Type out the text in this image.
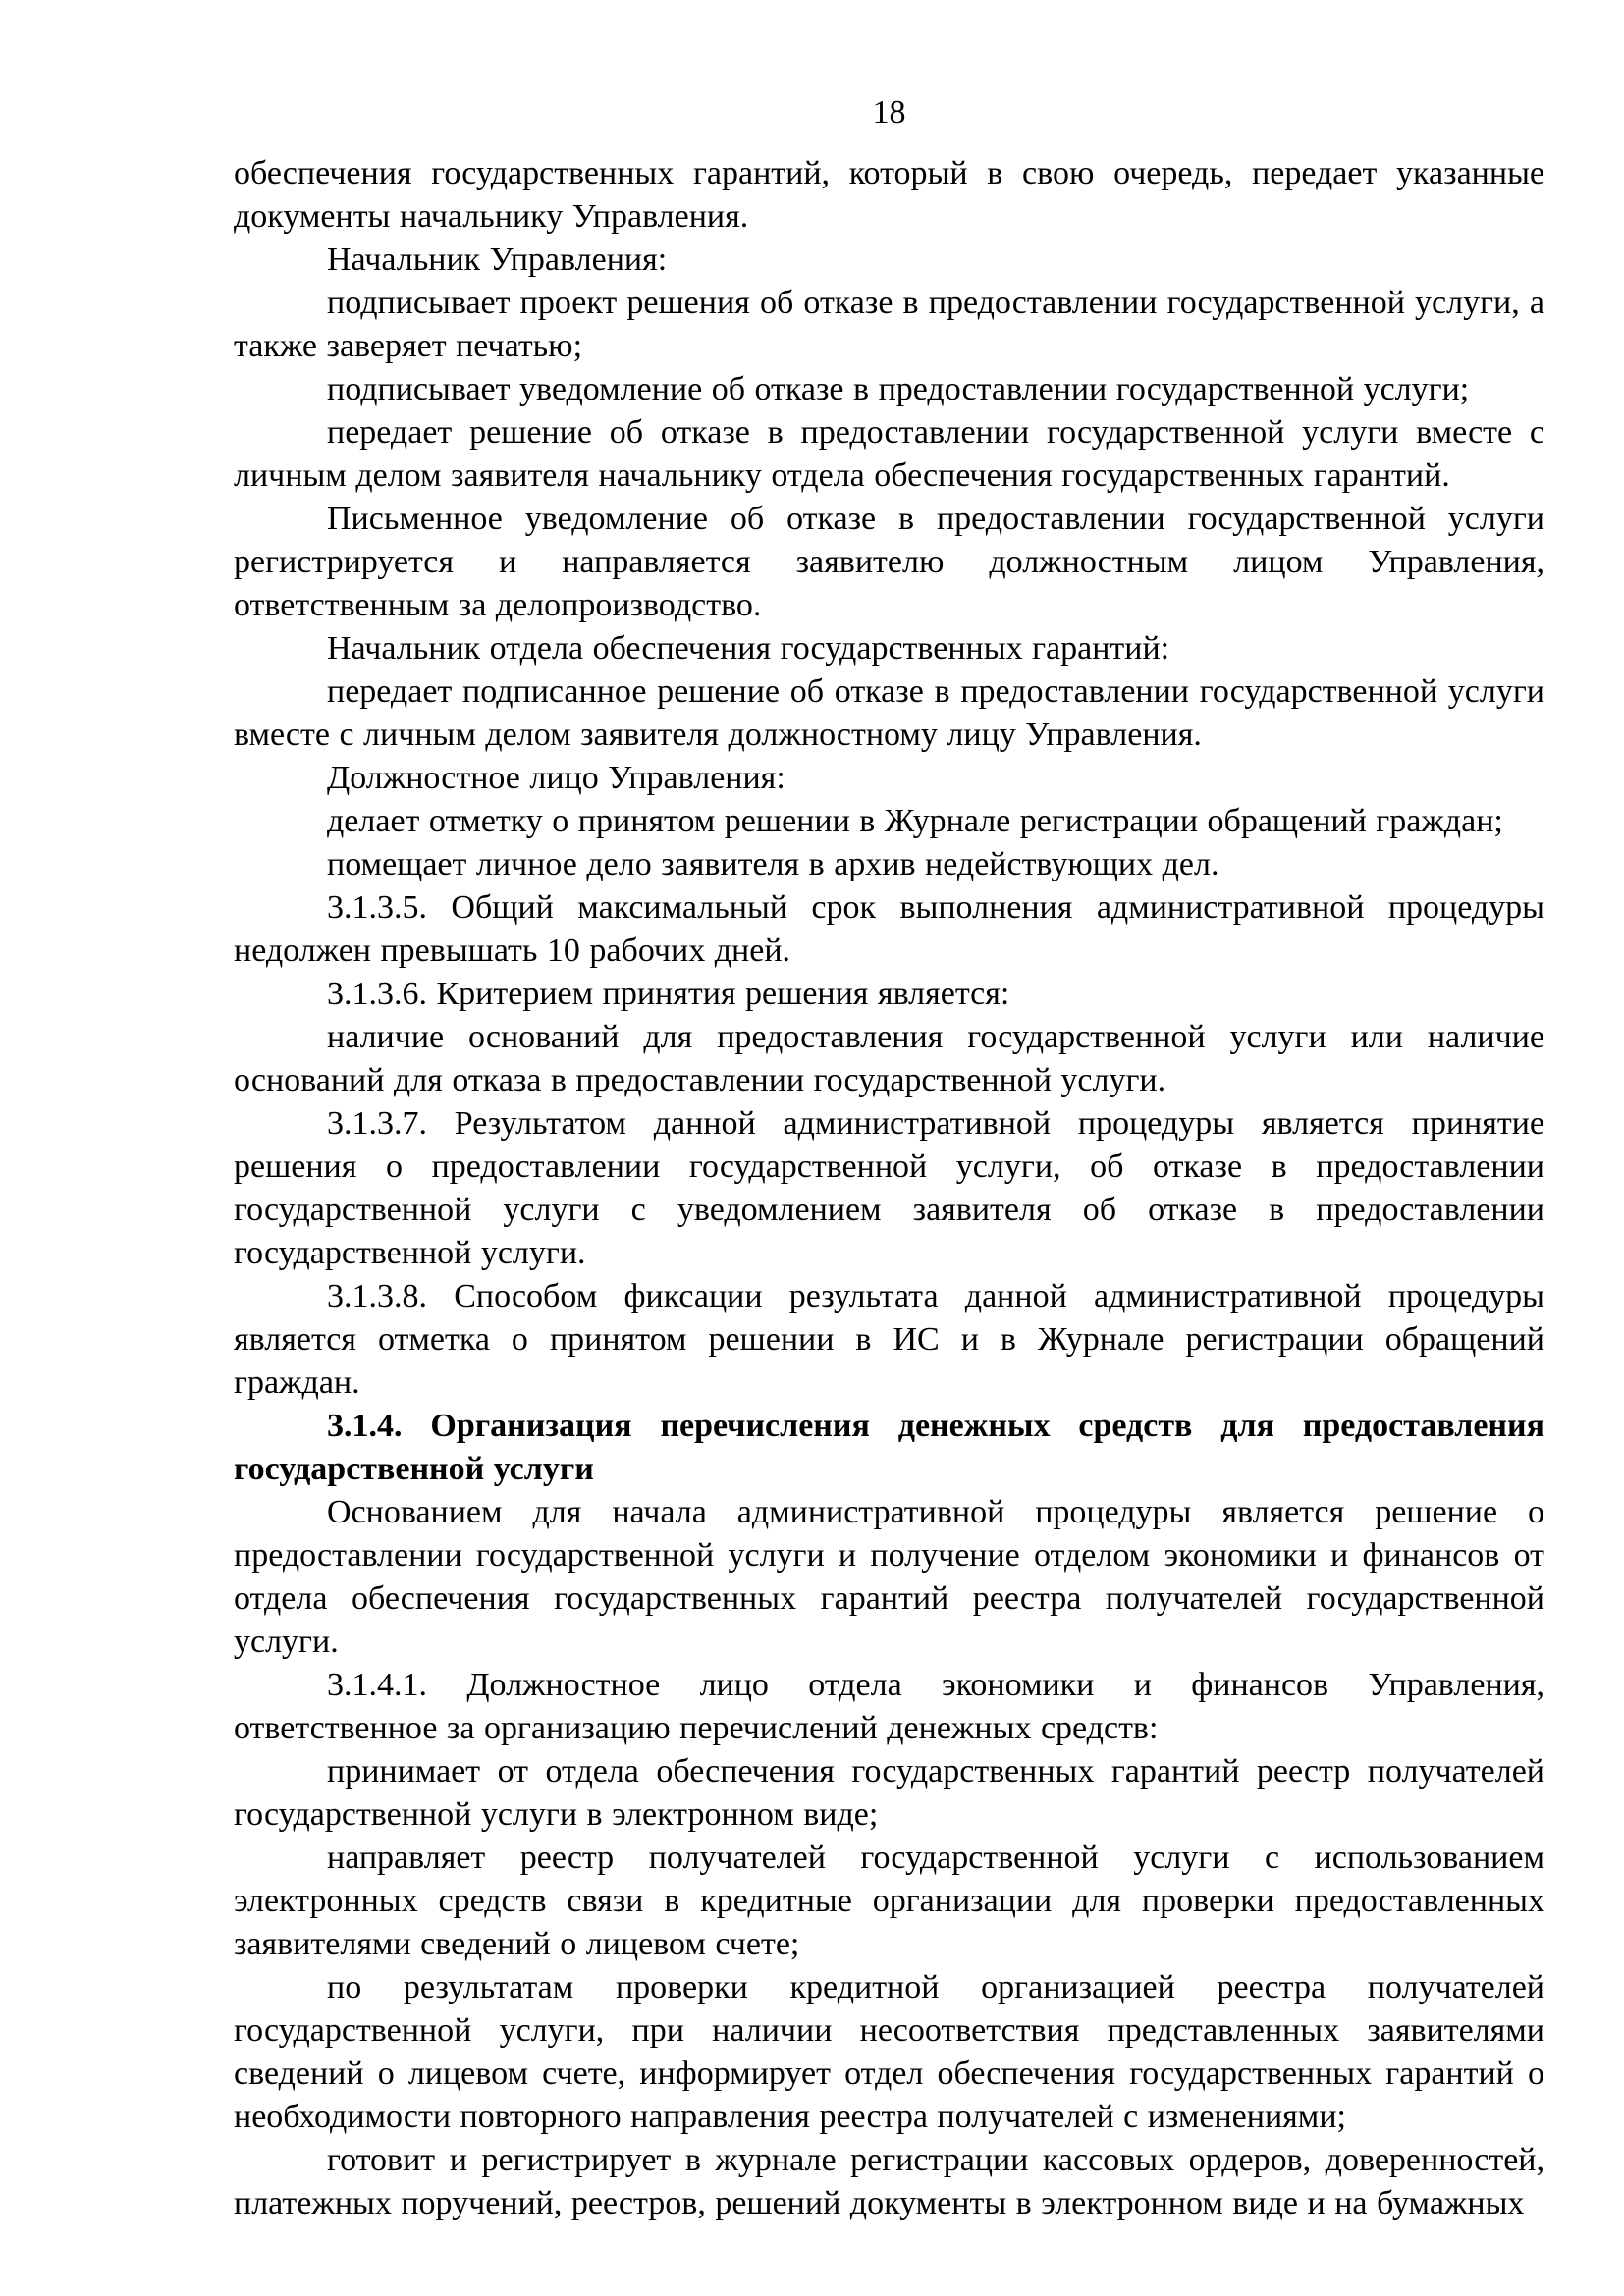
18

обеспечения государственных гарантий, который в свою очередь, передает указанные документы начальнику Управления.

Начальник Управления:

подписывает проект решения об отказе в предоставлении государственной услуги, а также заверяет печатью;

подписывает уведомление об отказе в предоставлении государственной услуги;

передает решение об отказе в предоставлении государственной услуги вместе с личным делом заявителя начальнику отдела обеспечения государственных гарантий.

Письменное уведомление об отказе в предоставлении государственной услуги регистрируется и направляется заявителю должностным лицом Управления, ответственным за делопроизводство.

Начальник отдела обеспечения государственных гарантий:

передает подписанное решение об отказе в предоставлении государственной услуги вместе с личным делом заявителя должностному лицу Управления.

Должностное лицо Управления:

делает отметку о принятом решении в Журнале регистрации обращений граждан;

помещает личное дело заявителя в архив недействующих дел.

3.1.3.5. Общий максимальный срок выполнения административной процедуры недолжен превышать 10 рабочих дней.

3.1.3.6. Критерием принятия решения является:

наличие оснований для предоставления государственной услуги или наличие оснований для отказа в предоставлении государственной услуги.

3.1.3.7. Результатом данной административной процедуры является принятие решения о предоставлении государственной услуги, об отказе в предоставлении государственной услуги с уведомлением заявителя об отказе в предоставлении государственной услуги.

3.1.3.8. Способом фиксации результата данной административной процедуры является отметка о принятом решении в ИС и в Журнале регистрации обращений граждан.

3.1.4. Организация перечисления денежных средств для предоставления государственной услуги

Основанием для начала административной процедуры является решение о предоставлении государственной услуги и получение отделом экономики и финансов от отдела обеспечения государственных гарантий реестра получателей государственной услуги.

3.1.4.1. Должностное лицо отдела экономики и финансов Управления, ответственное за организацию перечислений денежных средств:

принимает от отдела обеспечения государственных гарантий реестр получателей государственной услуги в электронном виде;

направляет реестр получателей государственной услуги с использованием электронных средств связи в кредитные организации для проверки предоставленных заявителями сведений о лицевом счете;

по результатам проверки кредитной организацией реестра получателей государственной услуги, при наличии несоответствия представленных заявителями сведений о лицевом счете, информирует отдел обеспечения государственных гарантий о необходимости повторного направления реестра получателей с изменениями;

готовит и регистрирует в журнале регистрации кассовых ордеров, доверенностей, платежных поручений, реестров, решений документы в электронном виде и на бумажных
